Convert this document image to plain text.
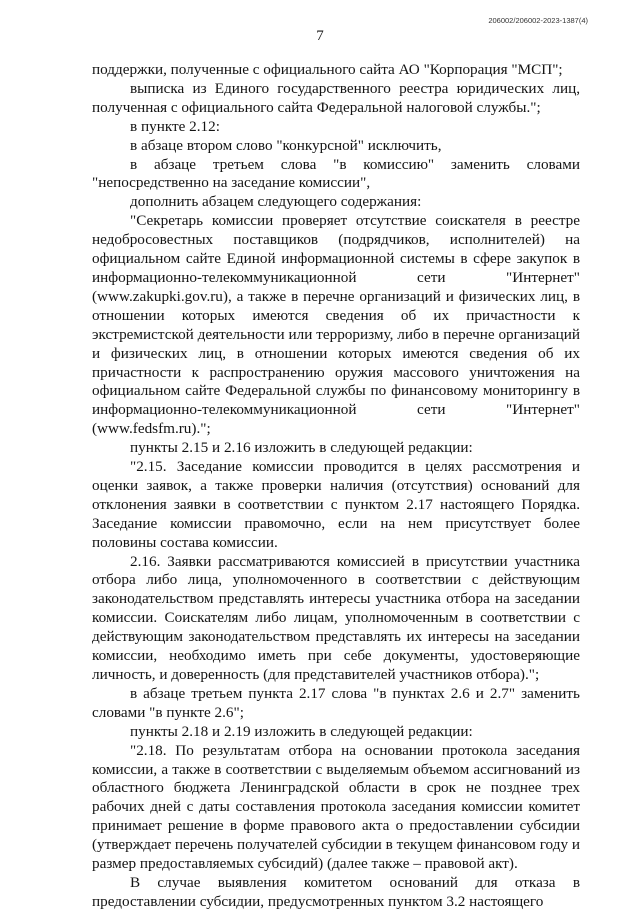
206002/206002-2023-1387(4)
7

поддержки, полученные с официального сайта АО "Корпорация "МСП";

выписка из Единого государственного реестра юридических лиц, полученная с официального сайта Федеральной налоговой службы.";

в пункте 2.12:

в абзаце втором слово "конкурсной" исключить,

в абзаце третьем слова "в комиссию" заменить словами "непосредственно на заседание комиссии",

дополнить абзацем следующего содержания:

"Секретарь комиссии проверяет отсутствие соискателя в реестре недобросовестных поставщиков (подрядчиков, исполнителей) на официальном сайте Единой информационной системы в сфере закупок в информационно-телекоммуникационной сети "Интернет" (www.zakupki.gov.ru), а также в перечне организаций и физических лиц, в отношении которых имеются сведения об их причастности к экстремистской деятельности или терроризму, либо в перечне организаций и физических лиц, в отношении которых имеются сведения об их причастности к распространению оружия массового уничтожения на официальном сайте Федеральной службы по финансовому мониторингу в информационно-телекоммуникационной сети "Интернет" (www.fedsfm.ru).";

пункты 2.15 и 2.16 изложить в следующей редакции:

"2.15. Заседание комиссии проводится в целях рассмотрения и оценки заявок, а также проверки наличия (отсутствия) оснований для отклонения заявки в соответствии с пунктом 2.17 настоящего Порядка. Заседание комиссии правомочно, если на нем присутствует более половины состава комиссии.

2.16. Заявки рассматриваются комиссией в присутствии участника отбора либо лица, уполномоченного в соответствии с действующим законодательством представлять интересы участника отбора на заседании комиссии. Соискателям либо лицам, уполномоченным в соответствии с действующим законодательством представлять их интересы на заседании комиссии, необходимо иметь при себе документы, удостоверяющие личность, и доверенность (для представителей участников отбора).";

в абзаце третьем пункта 2.17 слова "в пунктах 2.6 и 2.7" заменить словами "в пункте 2.6";

пункты 2.18 и 2.19 изложить в следующей редакции:

"2.18. По результатам отбора на основании протокола заседания комиссии, а также в соответствии с выделяемым объемом ассигнований из областного бюджета Ленинградской области в срок не позднее трех рабочих дней с даты составления протокола заседания комиссии комитет принимает решение в форме правового акта о предоставлении субсидии (утверждает перечень получателей субсидии в текущем финансовом году и размер предоставляемых субсидий) (далее также – правовой акт).

В случае выявления комитетом оснований для отказа в предоставлении субсидии, предусмотренных пунктом 3.2 настоящего
